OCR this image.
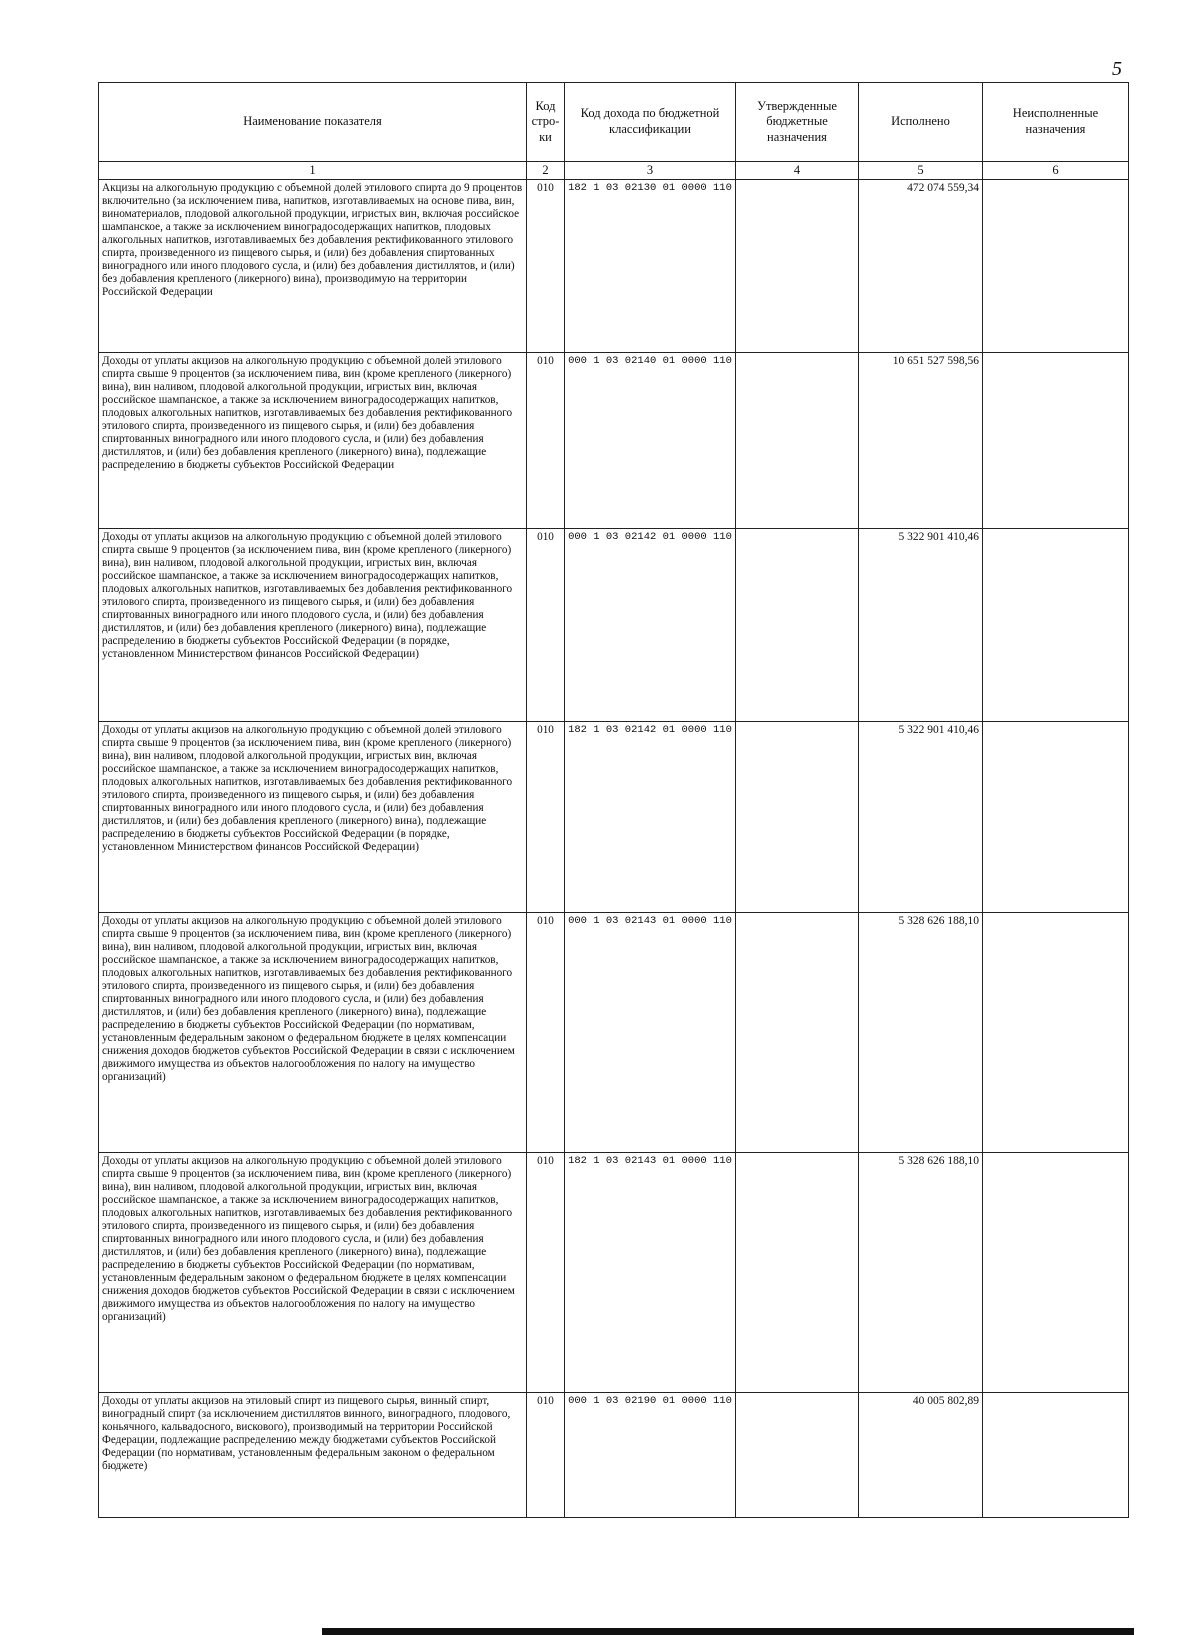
5
Наименование показателя	Код стро-ки	Код дохода по бюджетной классификации	Утвержденные бюджетные назначения	Исполнено	Неисполненные назначения
1	2	3	4	5	6
Акцизы на алкогольную продукцию с объемной долей этилового спирта до 9 процентов включительно (за исключением пива, напитков, изготавливаемых на основе пива, вин, виноматериалов, плодовой алкогольной продукции, игристых вин, включая российское шампанское, а также за исключением виноградосодержащих напитков, плодовых алкогольных напитков, изготавливаемых без добавления ректификованного этилового спирта, произведенного из пищевого сырья, и (или) без добавления спиртованных виноградного или иного плодового сусла, и (или) без добавления дистиллятов, и (или) без добавления крепленого (ликерного) вина), производимую на территории Российской Федерации	010	182 1 03 02130 01 0000 110		472 074 559,34	
Доходы от уплаты акцизов на алкогольную продукцию с объемной долей этилового спирта свыше 9 процентов (за исключением пива, вин (кроме крепленого (ликерного) вина), вин наливом, плодовой алкогольной продукции, игристых вин, включая российское шампанское, а также за исключением виноградосодержащих напитков, плодовых алкогольных напитков, изготавливаемых без добавления ректификованного этилового спирта, произведенного из пищевого сырья, и (или) без добавления спиртованных виноградного или иного плодового сусла, и (или) без добавления дистиллятов, и (или) без добавления крепленого (ликерного) вина), подлежащие распределению в бюджеты субъектов Российской Федерации	010	000 1 03 02140 01 0000 110		10 651 527 598,56	
Доходы от уплаты акцизов на алкогольную продукцию с объемной долей этилового спирта свыше 9 процентов (за исключением пива, вин (кроме крепленого (ликерного) вина), вин наливом, плодовой алкогольной продукции, игристых вин, включая российское шампанское, а также за исключением виноградосодержащих напитков, плодовых алкогольных напитков, изготавливаемых без добавления ректификованного этилового спирта, произведенного из пищевого сырья, и (или) без добавления спиртованных виноградного или иного плодового сусла, и (или) без добавления дистиллятов, и (или) без добавления крепленого (ликерного) вина), подлежащие распределению в бюджеты субъектов Российской Федерации (в порядке, установленном Министерством финансов Российской Федерации)	010	000 1 03 02142 01 0000 110		5 322 901 410,46	
Доходы от уплаты акцизов на алкогольную продукцию с объемной долей этилового спирта свыше 9 процентов (за исключением пива, вин (кроме крепленого (ликерного) вина), вин наливом, плодовой алкогольной продукции, игристых вин, включая российское шампанское, а также за исключением виноградосодержащих напитков, плодовых алкогольных напитков, изготавливаемых без добавления ректификованного этилового спирта, произведенного из пищевого сырья, и (или) без добавления спиртованных виноградного или иного плодового сусла, и (или) без добавления дистиллятов, и (или) без добавления крепленого (ликерного) вина), подлежащие распределению в бюджеты субъектов Российской Федерации (в порядке, установленном Министерством финансов Российской Федерации)	010	182 1 03 02142 01 0000 110		5 322 901 410,46	
Доходы от уплаты акцизов на алкогольную продукцию с объемной долей этилового спирта свыше 9 процентов (за исключением пива, вин (кроме крепленого (ликерного) вина), вин наливом, плодовой алкогольной продукции, игристых вин, включая российское шампанское, а также за исключением виноградосодержащих напитков, плодовых алкогольных напитков, изготавливаемых без добавления ректификованного этилового спирта, произведенного из пищевого сырья, и (или) без добавления спиртованных виноградного или иного плодового сусла, и (или) без добавления дистиллятов, и (или) без добавления крепленого (ликерного) вина), подлежащие распределению в бюджеты субъектов Российской Федерации (по нормативам, установленным федеральным законом о федеральном бюджете в целях компенсации снижения доходов бюджетов субъектов Российской Федерации в связи с исключением движимого имущества из объектов налогообложения по налогу на имущество организаций)	010	000 1 03 02143 01 0000 110		5 328 626 188,10	
Доходы от уплаты акцизов на алкогольную продукцию с объемной долей этилового спирта свыше 9 процентов (за исключением пива, вин (кроме крепленого (ликерного) вина), вин наливом, плодовой алкогольной продукции, игристых вин, включая российское шампанское, а также за исключением виноградосодержащих напитков, плодовых алкогольных напитков, изготавливаемых без добавления ректификованного этилового спирта, произведенного из пищевого сырья, и (или) без добавления спиртованных виноградного или иного плодового сусла, и (или) без добавления дистиллятов, и (или) без добавления крепленого (ликерного) вина), подлежащие распределению в бюджеты субъектов Российской Федерации (по нормативам, установленным федеральным законом о федеральном бюджете в целях компенсации снижения доходов бюджетов субъектов Российской Федерации в связи с исключением движимого имущества из объектов налогообложения по налогу на имущество организаций)	010	182 1 03 02143 01 0000 110		5 328 626 188,10	
Доходы от уплаты акцизов на этиловый спирт из пищевого сырья, винный спирт, виноградный спирт (за исключением дистиллятов винного, виноградного, плодового, коньячного, кальвадосного, вискового), производимый на территории Российской Федерации, подлежащие распределению между бюджетами субъектов Российской Федерации (по нормативам, установленным федеральным законом о федеральном бюджете)	010	000 1 03 02190 01 0000 110		40 005 802,89	
